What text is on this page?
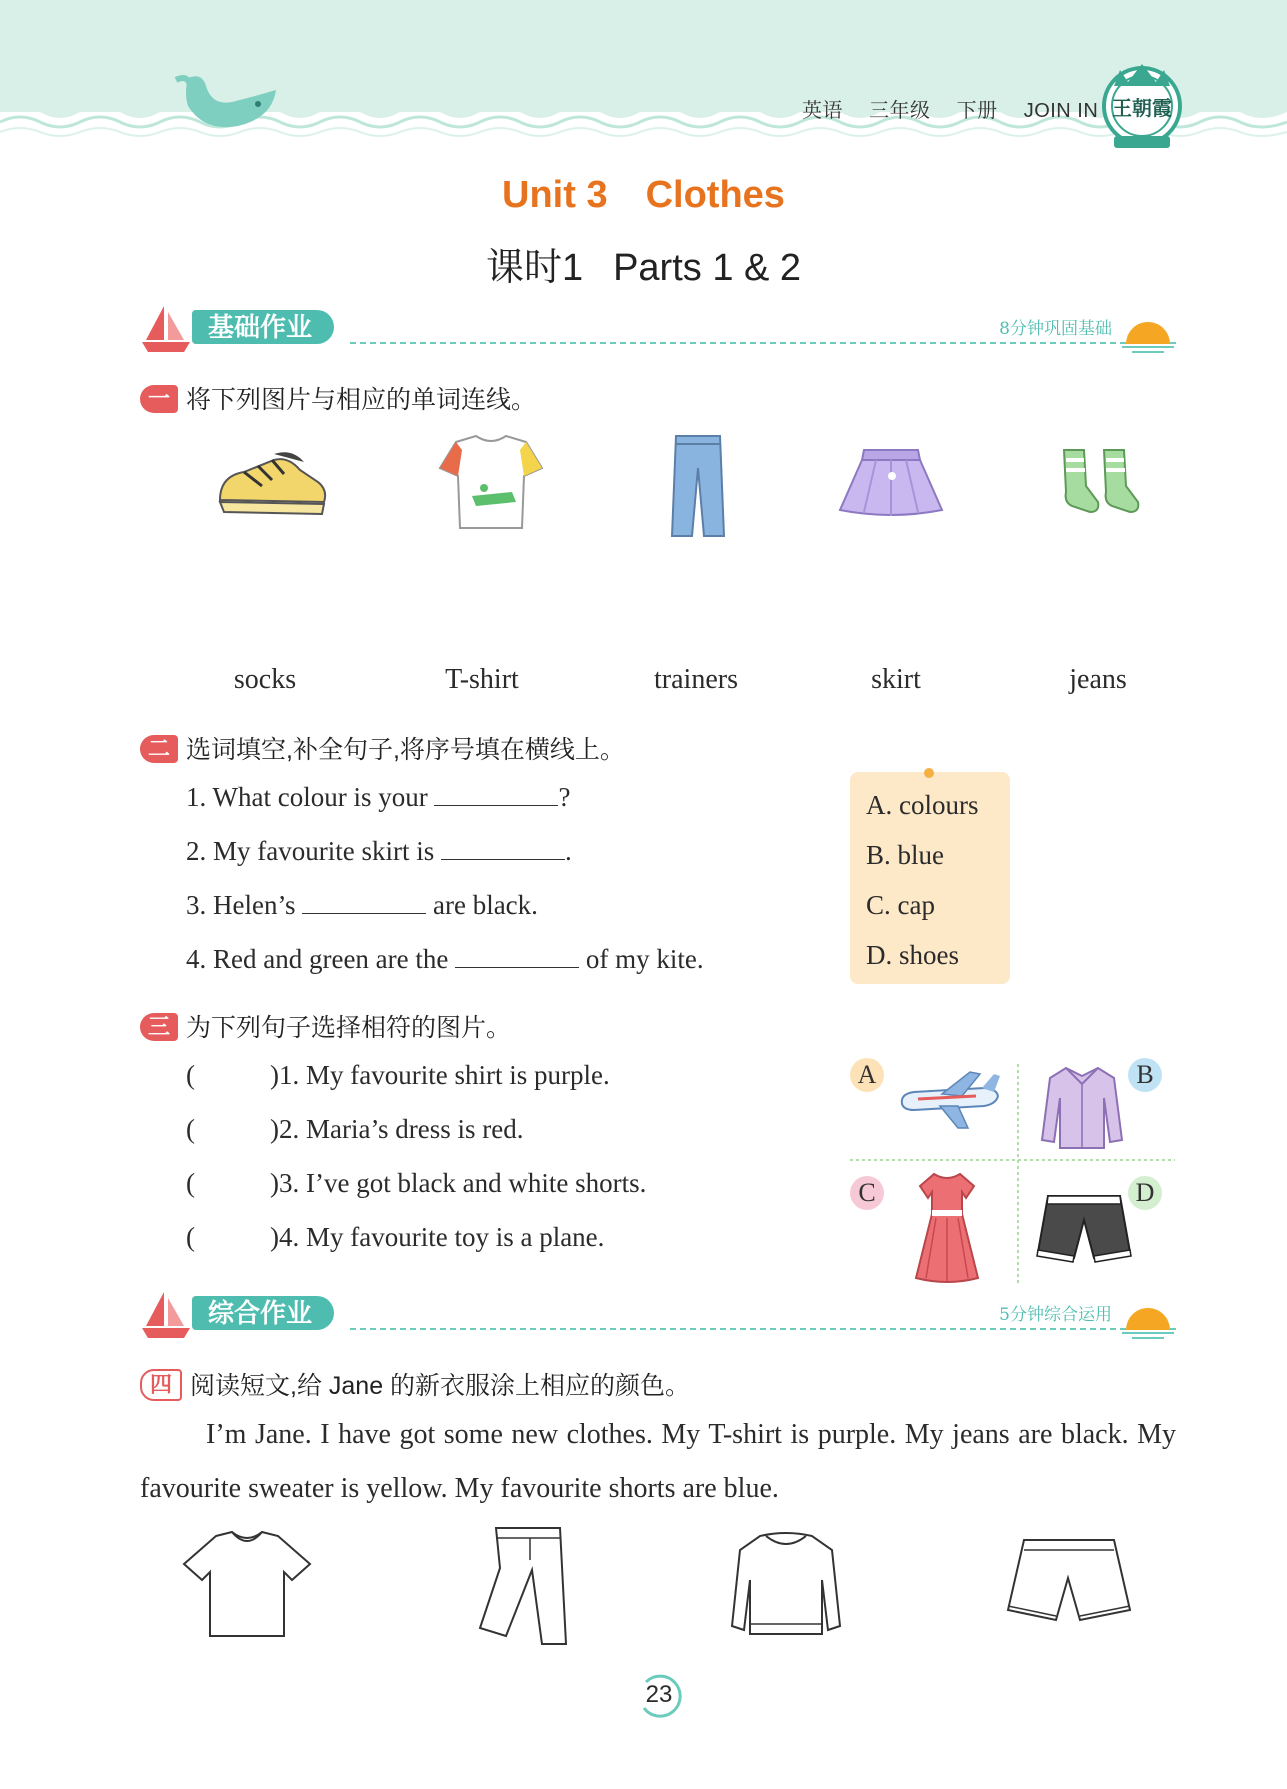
英语 三年级 下册 JOIN IN 王朝霞
Unit 3 Clothes
课时1 Parts 1 & 2
基础作业	8分钟巩固基础
一 将下列图片与相应的单词连线。
socks	T-shirt	trainers	skirt	jeans
二 选词填空,补全句子,将序号填在横线上。
1. What colour is your	?
2. My favourite skirt is	.
3. Helen’s	are black.
4. Red and green are the	of my kite.
A. colours
B. blue
C. cap
D. shoes
三 为下列句子选择相符的图片。
(	)1. My favourite shirt is purple.
(	)2. Maria’s dress is red.
(	)3. I’ve got black and white shorts.
(	)4. My favourite toy is a plane.
A	B
C	D
综合作业	5分钟综合运用
四 阅读短文,给 Jane 的新衣服涂上相应的颜色。

I’m Jane. I have got some new clothes. My T-shirt is purple. My jeans are black. My favourite sweater is yellow. My favourite shorts are blue.

23
